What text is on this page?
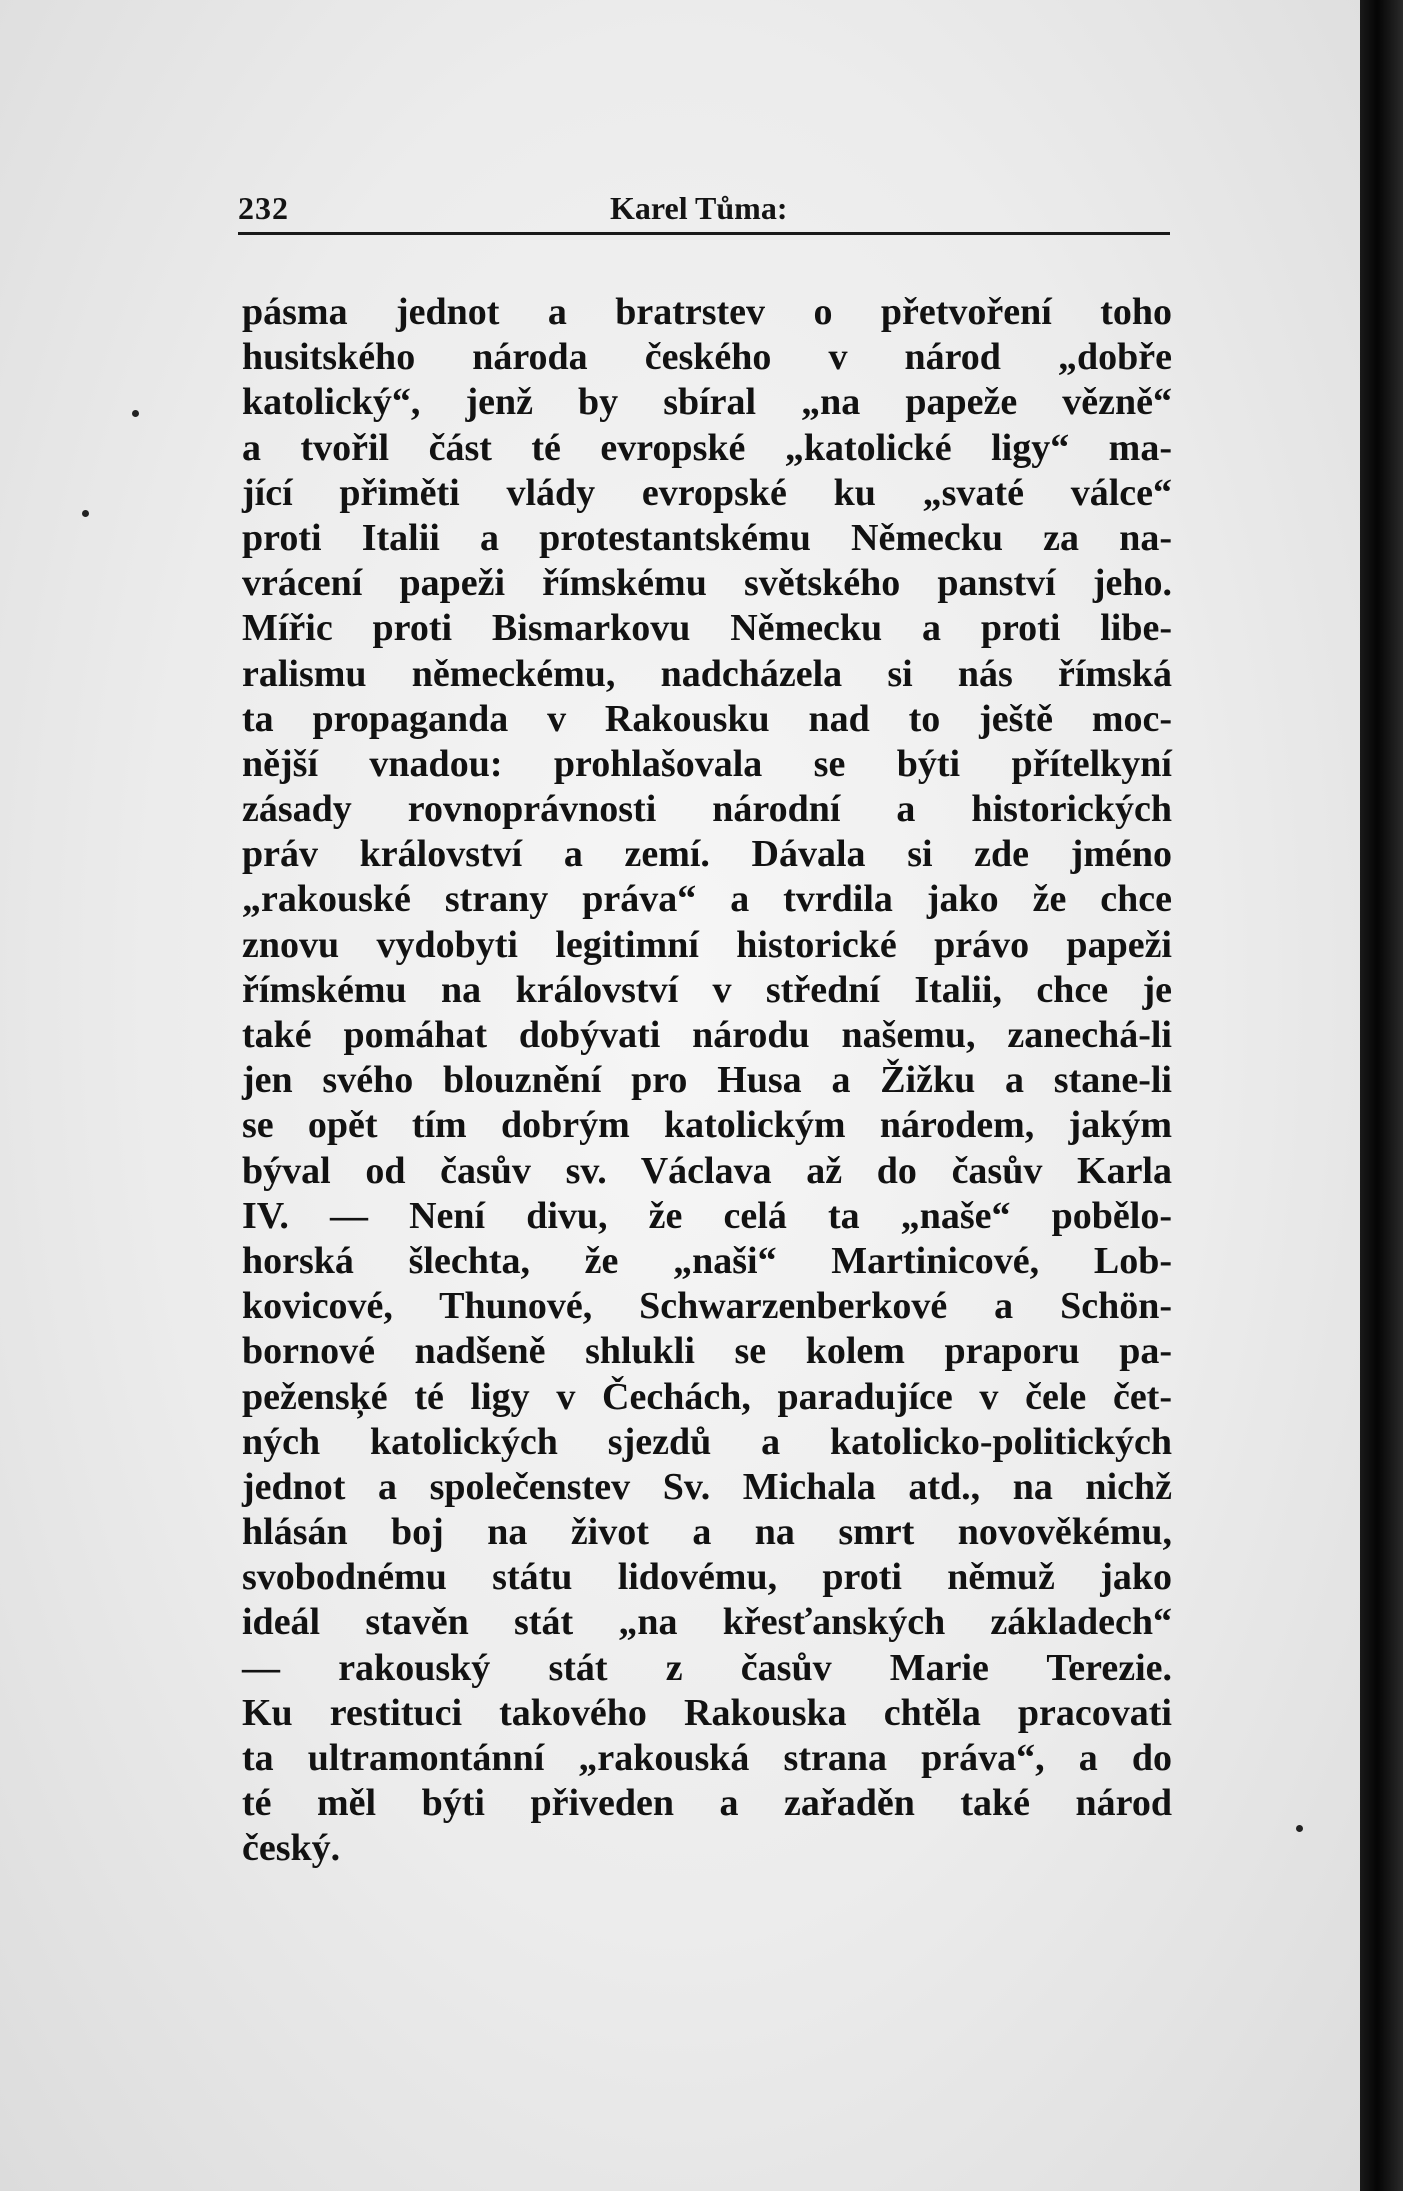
232	Karel Tůma:
pásma jednot a bratrstev o přetvoření toho
husitského národa českého v národ „dobře
katolický“, jenž by sbíral „na papeže vězně“
a tvořil část té evropské „katolické ligy“ ma-
jící přiměti vlády evropské ku „svaté válce“
proti Italii a protestantskému Německu za na-
vrácení papeži římskému světského panství jeho.
Mířic proti Bismarkovu Německu a proti libe-
ralismu německému, nadcházela si nás římská
ta propaganda v Rakousku nad to ještě moc-
nější vnadou: prohlašovala se býti přítelkyní
zásady rovnoprávnosti národní a historických
práv království a zemí. Dávala si zde jméno
„rakouské strany práva“ a tvrdila jako že chce
znovu vydobyti legitimní historické právo papeži
římskému na království v střední Italii, chce je
také pomáhat dobývati národu našemu, zanechá-li
jen svého blouznění pro Husa a Žižku a stane-li
se opět tím dobrým katolickým národem, jakým
býval od časův sv. Václava až do časův Karla
IV. — Není divu, že celá ta „naše“ pobělo-
horská šlechta, že „naši“ Martinicové, Lob-
kovicové, Thunové, Schwarzenberkové a Schön-
bornové nadšeně shlukli se kolem praporu pa-
pežensķé té ligy v Čechách, paradujíce v čele čet-
ných katolických sjezdů a katolicko-politických
jednot a společenstev Sv. Michala atd., na nichž
hlásán boj na život a na smrt novověkému,
svobodnému státu lidovému, proti němuž jako
ideál stavěn stát „na křesťanských základech“
— rakouský stát z časův Marie Terezie.
Ku restituci takového Rakouska chtěla pracovati
ta ultramontánní „rakouská strana práva“, a do
té měl býti přiveden a zařaděn také národ
český.
